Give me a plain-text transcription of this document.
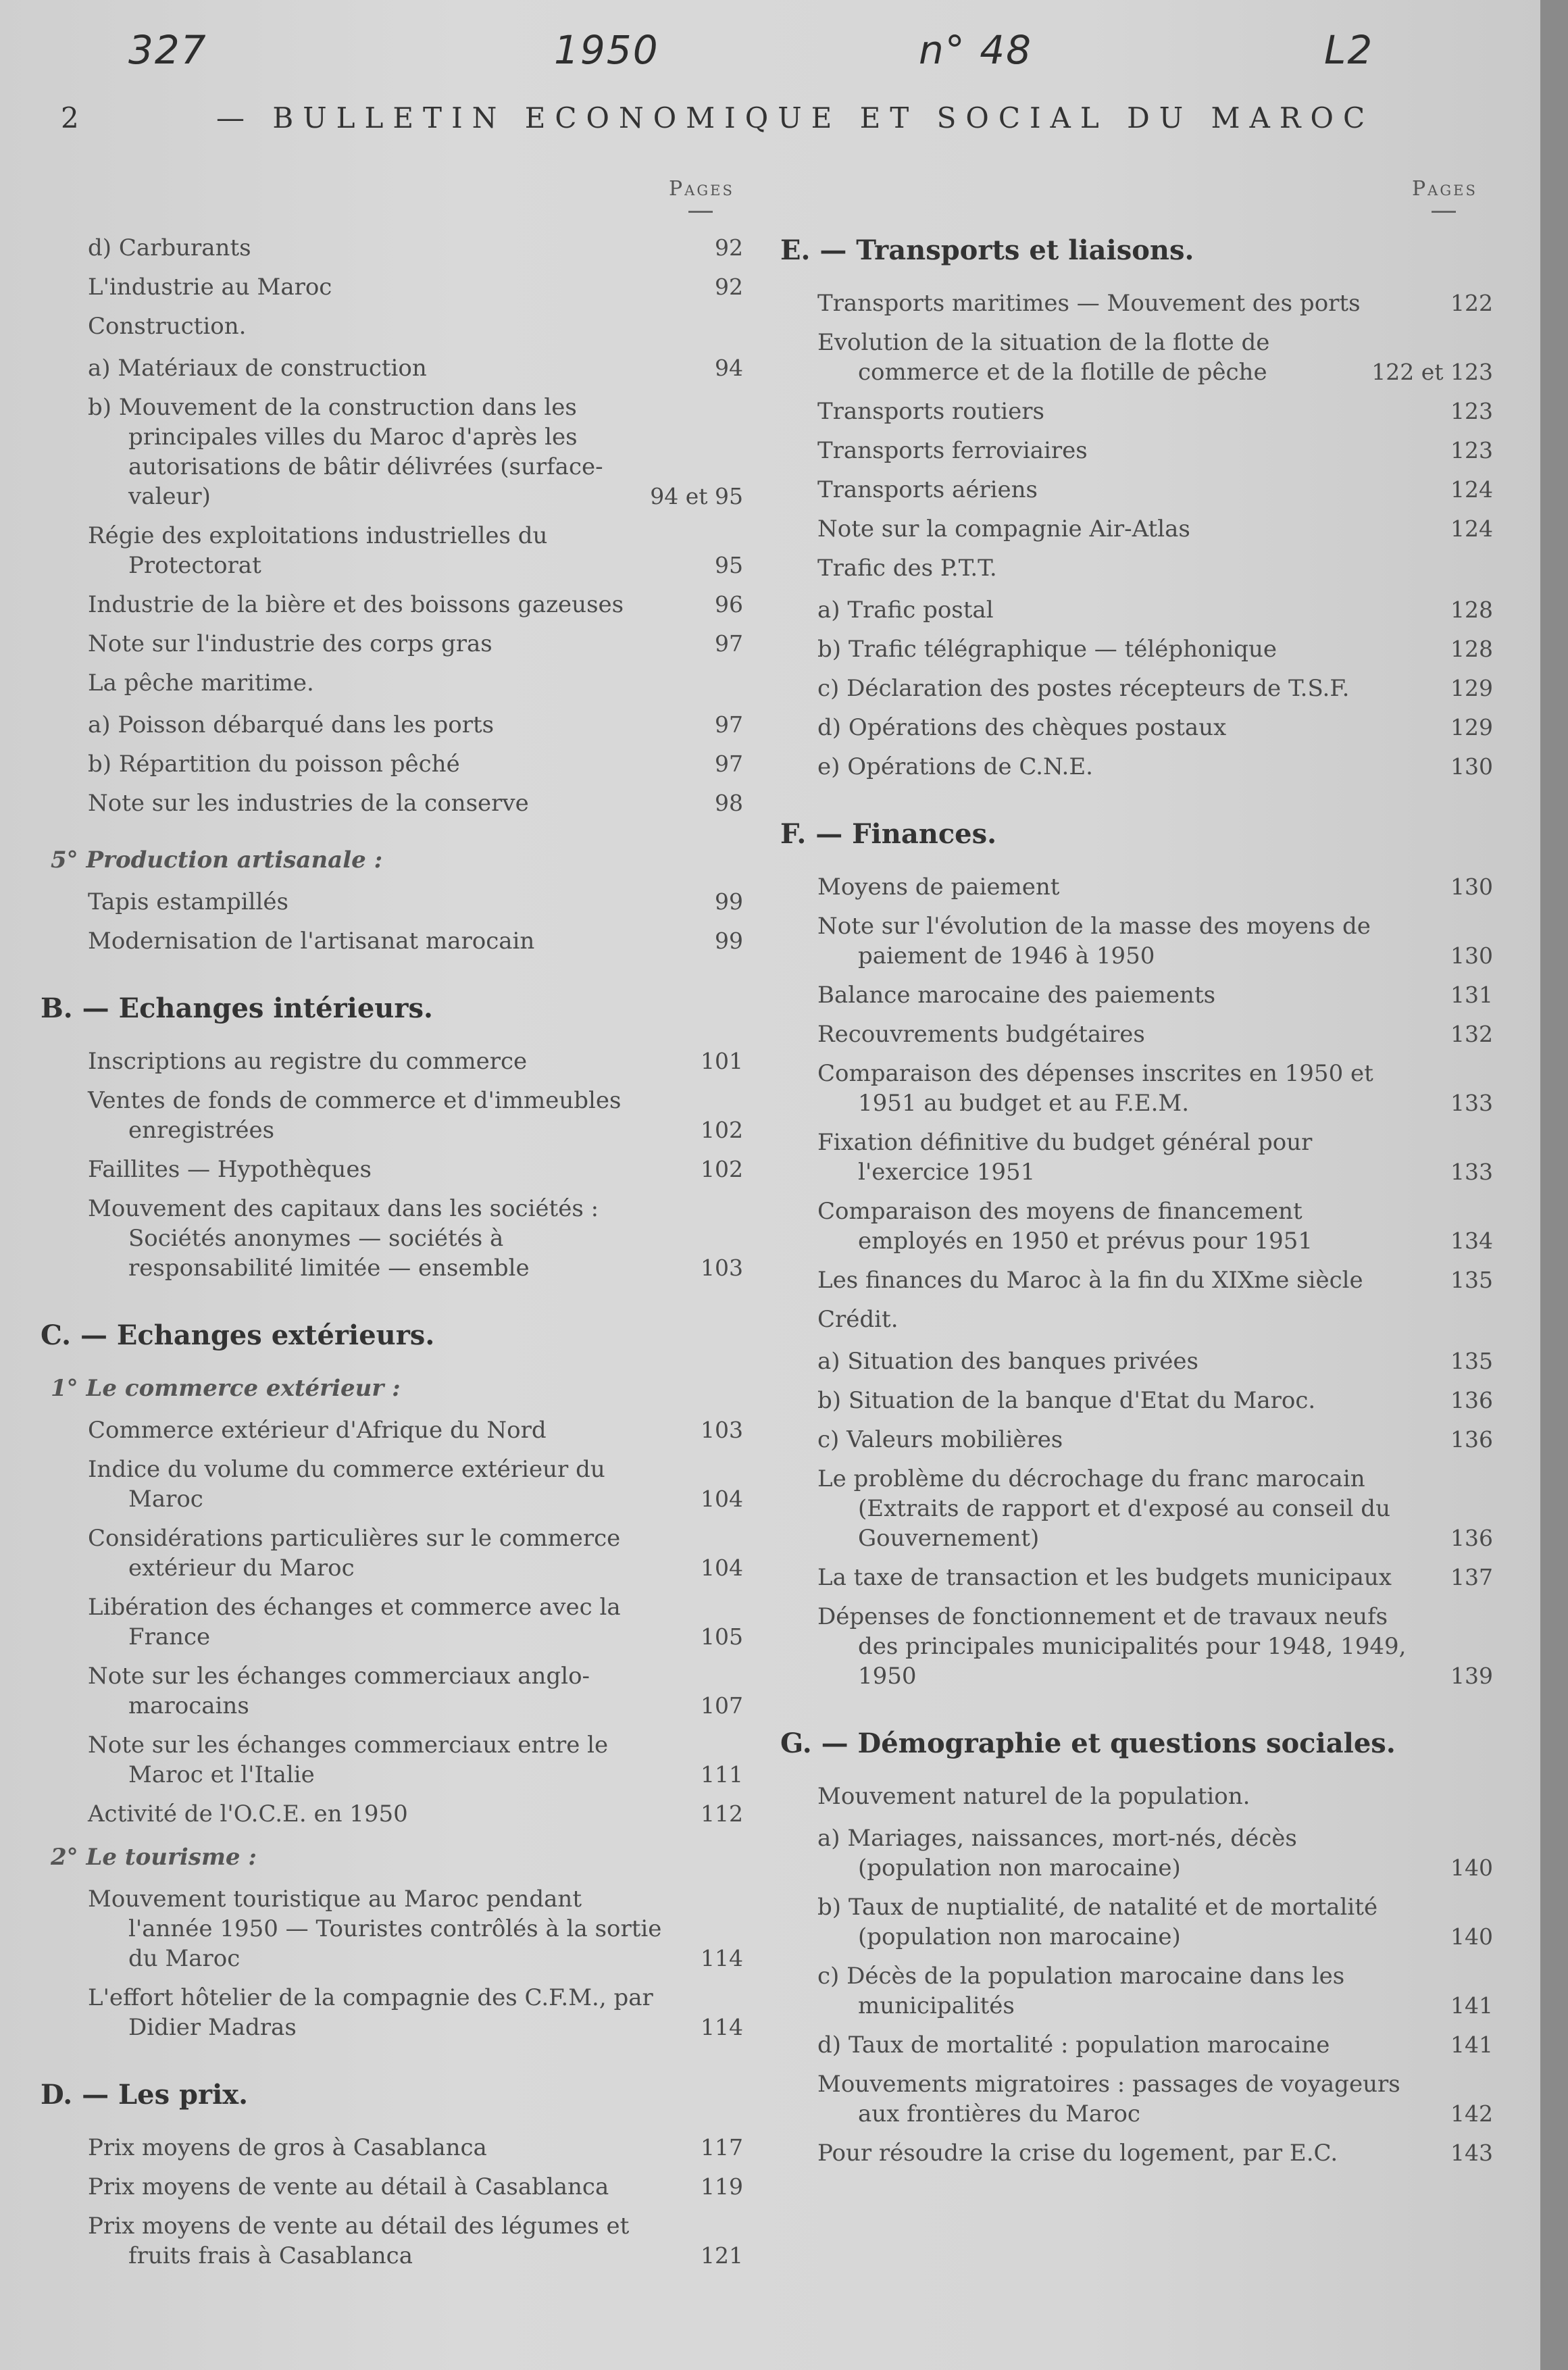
327	1950	n° 48	L2
2	— BULLETIN ECONOMIQUE ET SOCIAL DU MAROC
Pages	Pages
d) Carburants	92
L'industrie au Maroc	92
Construction.
a) Matériaux de construction	94
b) Mouvement de la construction dans les principales villes du Maroc d'après les autorisations de bâtir délivrées (surface-valeur)	94 et 95
Régie des exploitations industrielles du Protectorat	95
Industrie de la bière et des boissons gazeuses	96
Note sur l'industrie des corps gras	97
La pêche maritime.
a) Poisson débarqué dans les ports	97
b) Répartition du poisson pêché	97
Note sur les industries de la conserve	98
5° Production artisanale :
Tapis estampillés	99
Modernisation de l'artisanat marocain	99
B. — Echanges intérieurs.
Inscriptions au registre du commerce	101
Ventes de fonds de commerce et d'immeubles enregistrées	102
Faillites — Hypothèques	102
Mouvement des capitaux dans les sociétés : Sociétés anonymes — sociétés à responsabilité limitée — ensemble	103
C. — Echanges extérieurs.
1° Le commerce extérieur :
Commerce extérieur d'Afrique du Nord	103
Indice du volume du commerce extérieur du Maroc	104
Considérations particulières sur le commerce extérieur du Maroc	104
Libération des échanges et commerce avec la France	105
Note sur les échanges commerciaux anglo-marocains	107
Note sur les échanges commerciaux entre le Maroc et l'Italie	111
Activité de l'O.C.E. en 1950	112
2° Le tourisme :
Mouvement touristique au Maroc pendant l'année 1950 — Touristes contrôlés à la sortie du Maroc	114
L'effort hôtelier de la compagnie des C.F.M., par Didier Madras	114
D. — Les prix.
Prix moyens de gros à Casablanca	117
Prix moyens de vente au détail à Casablanca	119
Prix moyens de vente au détail des légumes et fruits frais à Casablanca	121
E. — Transports et liaisons.
Transports maritimes — Mouvement des ports	122
Evolution de la situation de la flotte de commerce et de la flotille de pêche	122 et 123
Transports routiers	123
Transports ferroviaires	123
Transports aériens	124
Note sur la compagnie Air-Atlas	124
Trafic des P.T.T.
a) Trafic postal	128
b) Trafic télégraphique — téléphonique	128
c) Déclaration des postes récepteurs de T.S.F.	129
d) Opérations des chèques postaux	129
e) Opérations de C.N.E.	130
F. — Finances.
Moyens de paiement	130
Note sur l'évolution de la masse des moyens de paiement de 1946 à 1950	130
Balance marocaine des paiements	131
Recouvrements budgétaires	132
Comparaison des dépenses inscrites en 1950 et 1951 au budget et au F.E.M.	133
Fixation définitive du budget général pour l'exercice 1951	133
Comparaison des moyens de financement employés en 1950 et prévus pour 1951	134
Les finances du Maroc à la fin du XIXme siècle	135
Crédit.
a) Situation des banques privées	135
b) Situation de la banque d'Etat du Maroc.	136
c) Valeurs mobilières	136
Le problème du décrochage du franc marocain (Extraits de rapport et d'exposé au conseil du Gouvernement)	136
La taxe de transaction et les budgets municipaux	137
Dépenses de fonctionnement et de travaux neufs des principales municipalités pour 1948, 1949, 1950	139
G. — Démographie et questions sociales.
Mouvement naturel de la population.
a) Mariages, naissances, mort-nés, décès (population non marocaine)	140
b) Taux de nuptialité, de natalité et de mortalité (population non marocaine)	140
c) Décès de la population marocaine dans les municipalités	141
d) Taux de mortalité : population marocaine	141
Mouvements migratoires : passages de voyageurs aux frontières du Maroc	142
Pour résoudre la crise du logement, par E.C.	143
